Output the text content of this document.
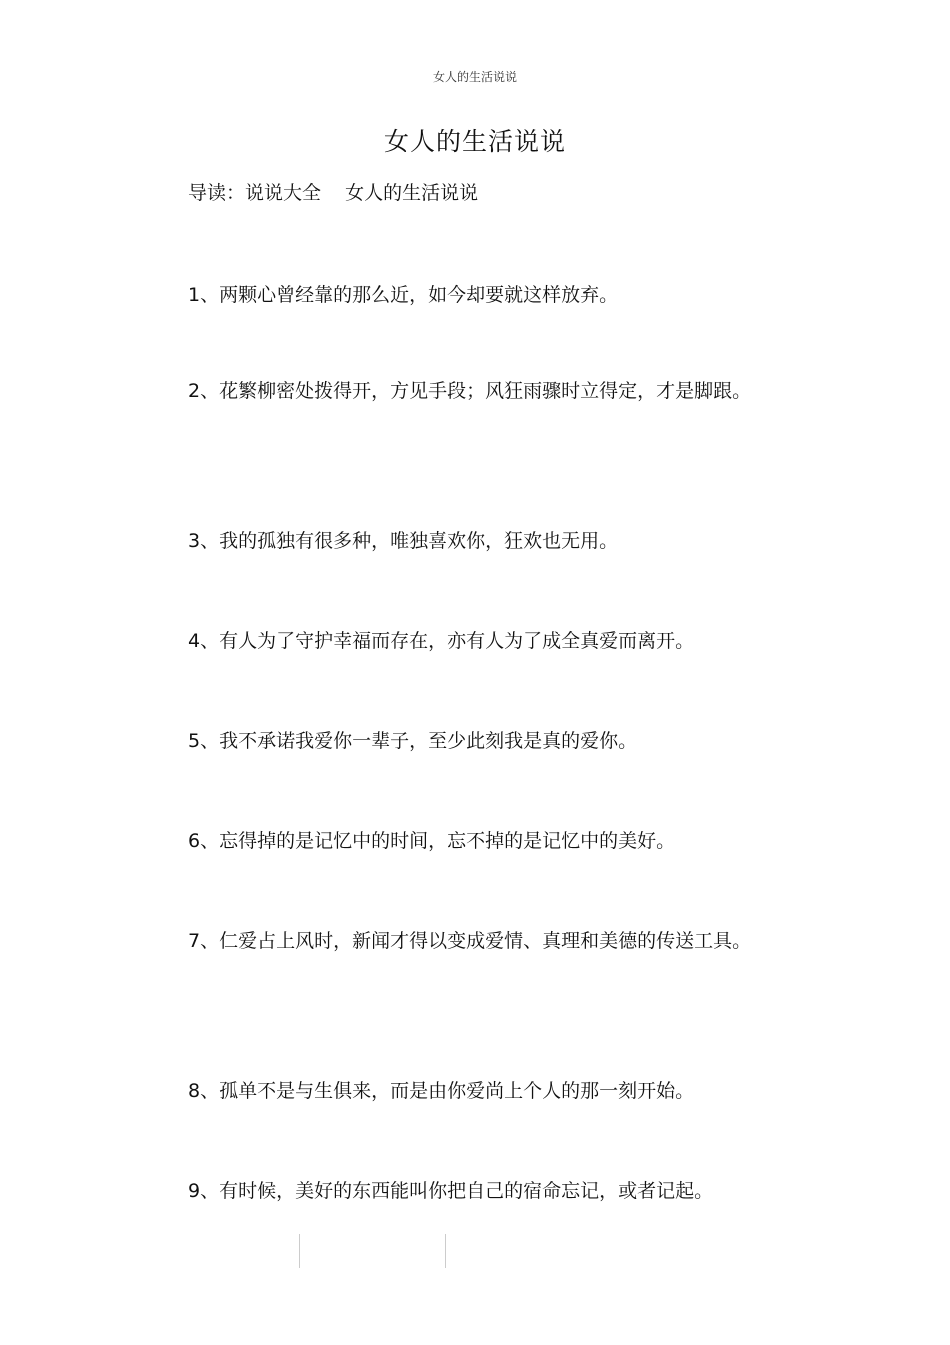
女人的生活说说
女人的生活说说
导读：说说大全    女人的生活说说

1、两颗心曾经靠的那么近，如今却要就这样放弃。

2、花繁柳密处拨得开，方见手段；风狂雨骤时立得定，才是脚跟。

3、我的孤独有很多种，唯独喜欢你，狂欢也无用。

4、有人为了守护幸福而存在，亦有人为了成全真爱而离开。

5、我不承诺我爱你一辈子，至少此刻我是真的爱你。

6、忘得掉的是记忆中的时间，忘不掉的是记忆中的美好。

7、仁爱占上风时，新闻才得以变成爱情、真理和美德的传送工具。

8、孤单不是与生俱来，而是由你爱尚上个人的那一刻开始。

9、有时候，美好的东西能叫你把自己的宿命忘记，或者记起。
